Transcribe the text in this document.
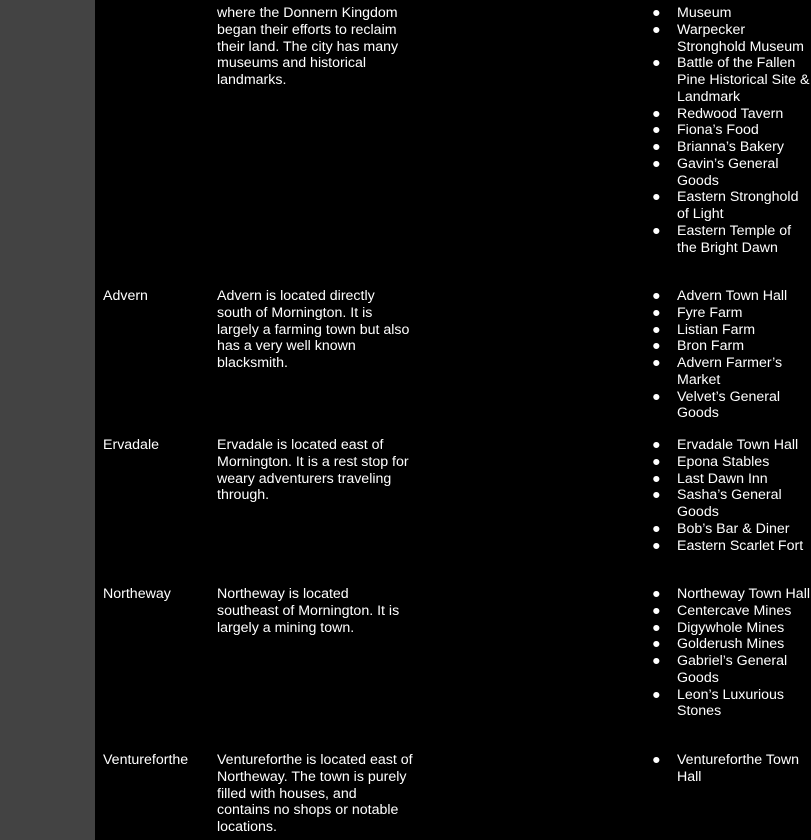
where the Donnern Kingdom began their efforts to reclaim their land. The city has many museums and historical landmarks.
● Museum
● Warpecker Stronghold Museum
● Battle of the Fallen Pine Historical Site & Landmark
● Redwood Tavern
● Fiona’s Food
● Brianna’s Bakery
● Gavin’s General Goods
● Eastern Stronghold of Light
● Eastern Temple of the Bright Dawn
Advern	Advern is located directly south of Mornington. It is largely a farming town but also has a very well known blacksmith.
● Advern Town Hall
● Fyre Farm
● Listian Farm
● Bron Farm
● Advern Farmer’s Market
● Velvet’s General Goods
Ervadale	Ervadale is located east of Mornington. It is a rest stop for weary adventurers traveling through.
● Ervadale Town Hall
● Epona Stables
● Last Dawn Inn
● Sasha’s General Goods
● Bob’s Bar & Diner
● Eastern Scarlet Fort
Northeway	Northeway is located southeast of Mornington. It is largely a mining town.
● Northeway Town Hall
● Centercave Mines
● Digywhole Mines
● Golderush Mines
● Gabriel’s General Goods
● Leon’s Luxurious Stones
Ventureforthe	Ventureforthe is located east of Northeway. The town is purely filled with houses, and contains no shops or notable locations.
● Ventureforthe Town Hall
